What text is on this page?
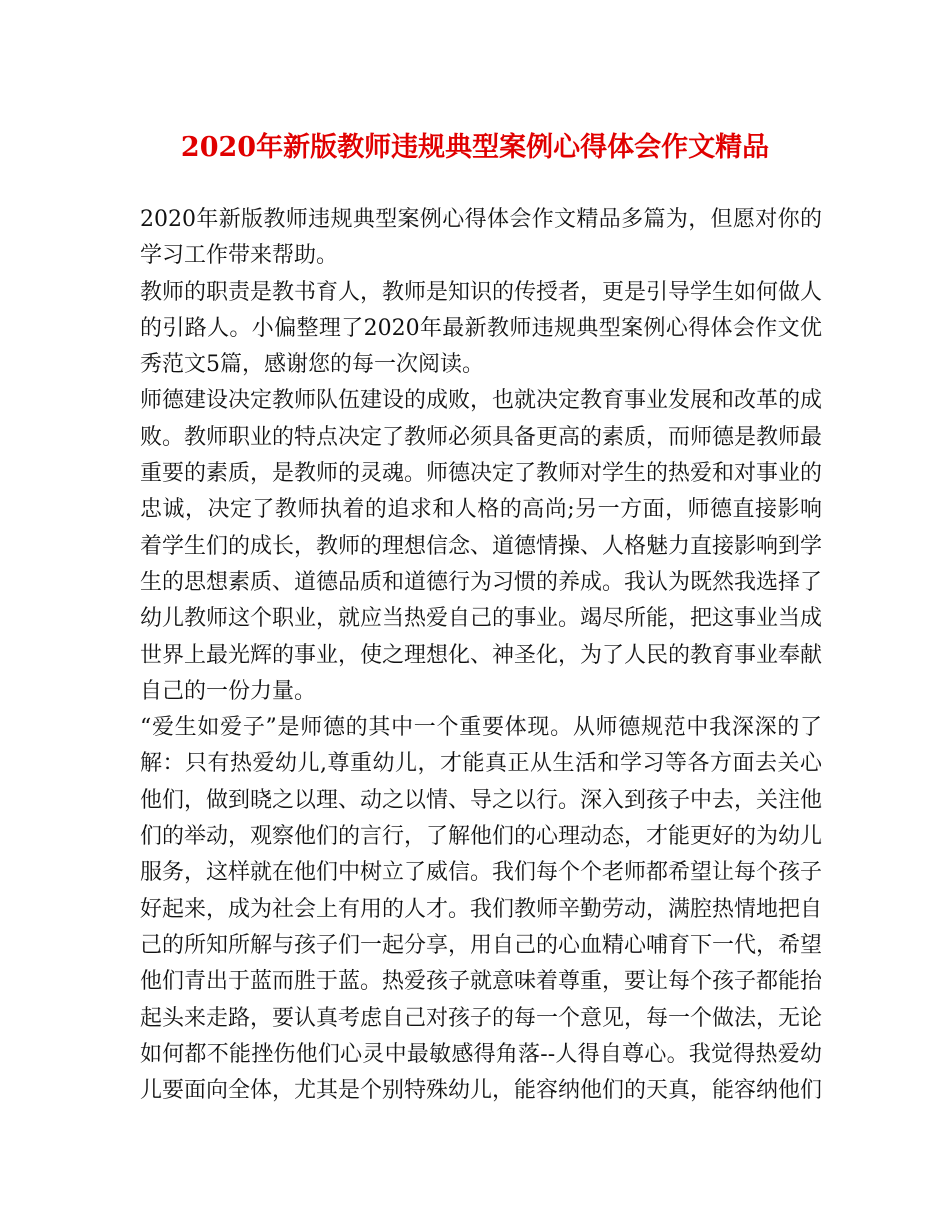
2020年新版教师违规典型案例心得体会作文精品

2020年新版教师违规典型案例心得体会作文精品多篇为，但愿对你的学习工作带来帮助。

教师的职责是教书育人，教师是知识的传授者，更是引导学生如何做人的引路人。小偏整理了2020年最新教师违规典型案例心得体会作文优秀范文5篇，感谢您的每一次阅读。

师德建设决定教师队伍建设的成败，也就决定教育事业发展和改革的成败。教师职业的特点决定了教师必须具备更高的素质，而师德是教师最重要的素质，是教师的灵魂。师德决定了教师对学生的热爱和对事业的忠诚，决定了教师执着的追求和人格的高尚;另一方面，师德直接影响着学生们的成长，教师的理想信念、道德情操、人格魅力直接影响到学生的思想素质、道德品质和道德行为习惯的养成。我认为既然我选择了幼儿教师这个职业，就应当热爱自己的事业。竭尽所能，把这事业当成世界上最光辉的事业，使之理想化、神圣化，为了人民的教育事业奉献自己的一份力量。

“爱生如爱子”是师德的其中一个重要体现。从师德规范中我深深的了解：只有热爱幼儿,尊重幼儿，才能真正从生活和学习等各方面去关心他们，做到晓之以理、动之以情、导之以行。深入到孩子中去，关注他们的举动，观察他们的言行，了解他们的心理动态，才能更好的为幼儿服务，这样就在他们中树立了威信。我们每个个老师都希望让每个孩子好起来，成为社会上有用的人才。我们教师辛勤劳动，满腔热情地把自己的所知所解与孩子们一起分享，用自己的心血精心哺育下一代，希望他们青出于蓝而胜于蓝。热爱孩子就意味着尊重，要让每个孩子都能抬起头来走路，要认真考虑自己对孩子的每一个意见，每一个做法，无论如何都不能挫伤他们心灵中最敏感得角落--人得自尊心。我觉得热爱幼儿要面向全体，尤其是个别特殊幼儿，能容纳他们的天真，能容纳他们
